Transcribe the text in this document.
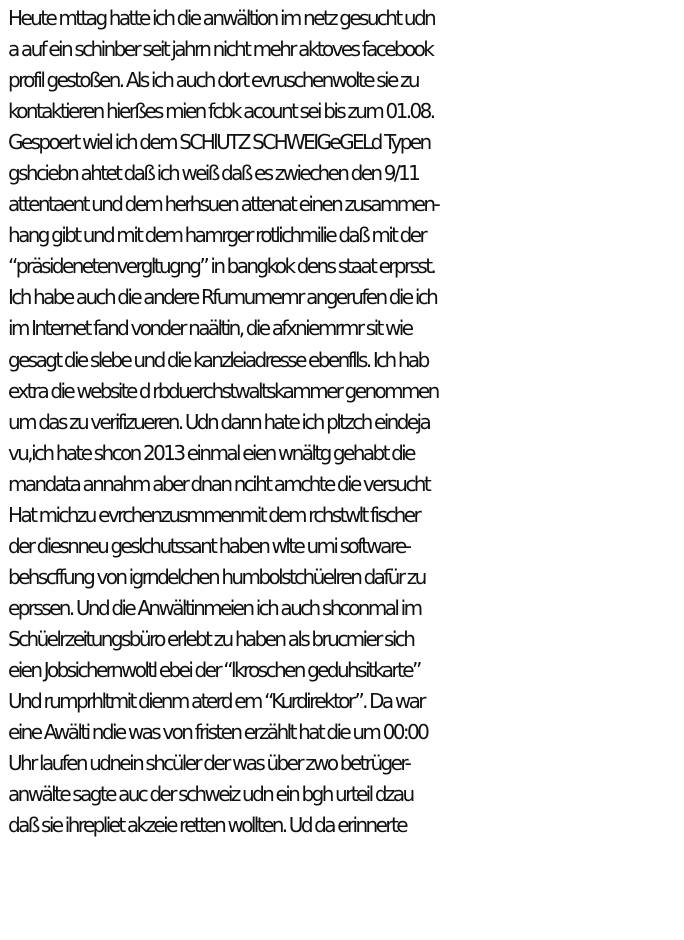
Heute mttag hatte ich die anwältion im netz gesucht udn
a auf ein schinber seit jahrn nicht mehr aktoves facebook
profil gestoßen. Als ich auch dort evruschenwolte sie zu
kontaktieren hierßes mien fcbk acount sei bis zum 01.08.
Gespoert wiel ich dem SCHlUTZ SCHWEIGeGELd Typen
gshciebn ahtet daß ich weiß daß es zwiechen den 9/11
attentaent und dem herhsuen attenat einen zusammen-
hang gibt und mit dem hamrger rotlichmilie daß mit der
“präsidenetenvergltugng” in bangkok dens staat erprsst.
Ich habe auch die andere Rfumumemr angerufen die ich
im Internet fand vonder naältin, die afxniemrmr sit wie
gesagt die slebe und die kanzleiadresse ebenflls. Ich hab
extra die website d rbduerchstwaltskammer genommen
um das zu verifizueren. Udn dann hate ich pltzch eindeja
vu,ich hate shcon 2013 einmal eien wnältg gehabt die
mandata annahm aber dnan nciht amchte die versucht
Hat michzu evrchenzusmmenmit dem rchstwlt fischer
der diesnneu geslchutssant haben wlte umi software-
behscffung von igrndelchen humbolstchüelren dafür zu
eprssen. Und die Anwältinmeien ich auch shconmal im
Schüelrzeitungsbüro erlebt zu haben als brucmier sich
eien Jobsichernwoltl ebei der “lkroschen geduhsitkarte”
Und rumprhltmit dienm aterd em “Kurdirektor”. Da war
eine Awälti ndie was von fristen erzählt hat die um 00:00
Uhr laufen udnein shcüler der was über zwo betrüger-
anwälte sagte auc der schweiz udn ein bgh urteil dzau
daß sie ihrepliet akzeie retten wollten. Ud da erinnerte
